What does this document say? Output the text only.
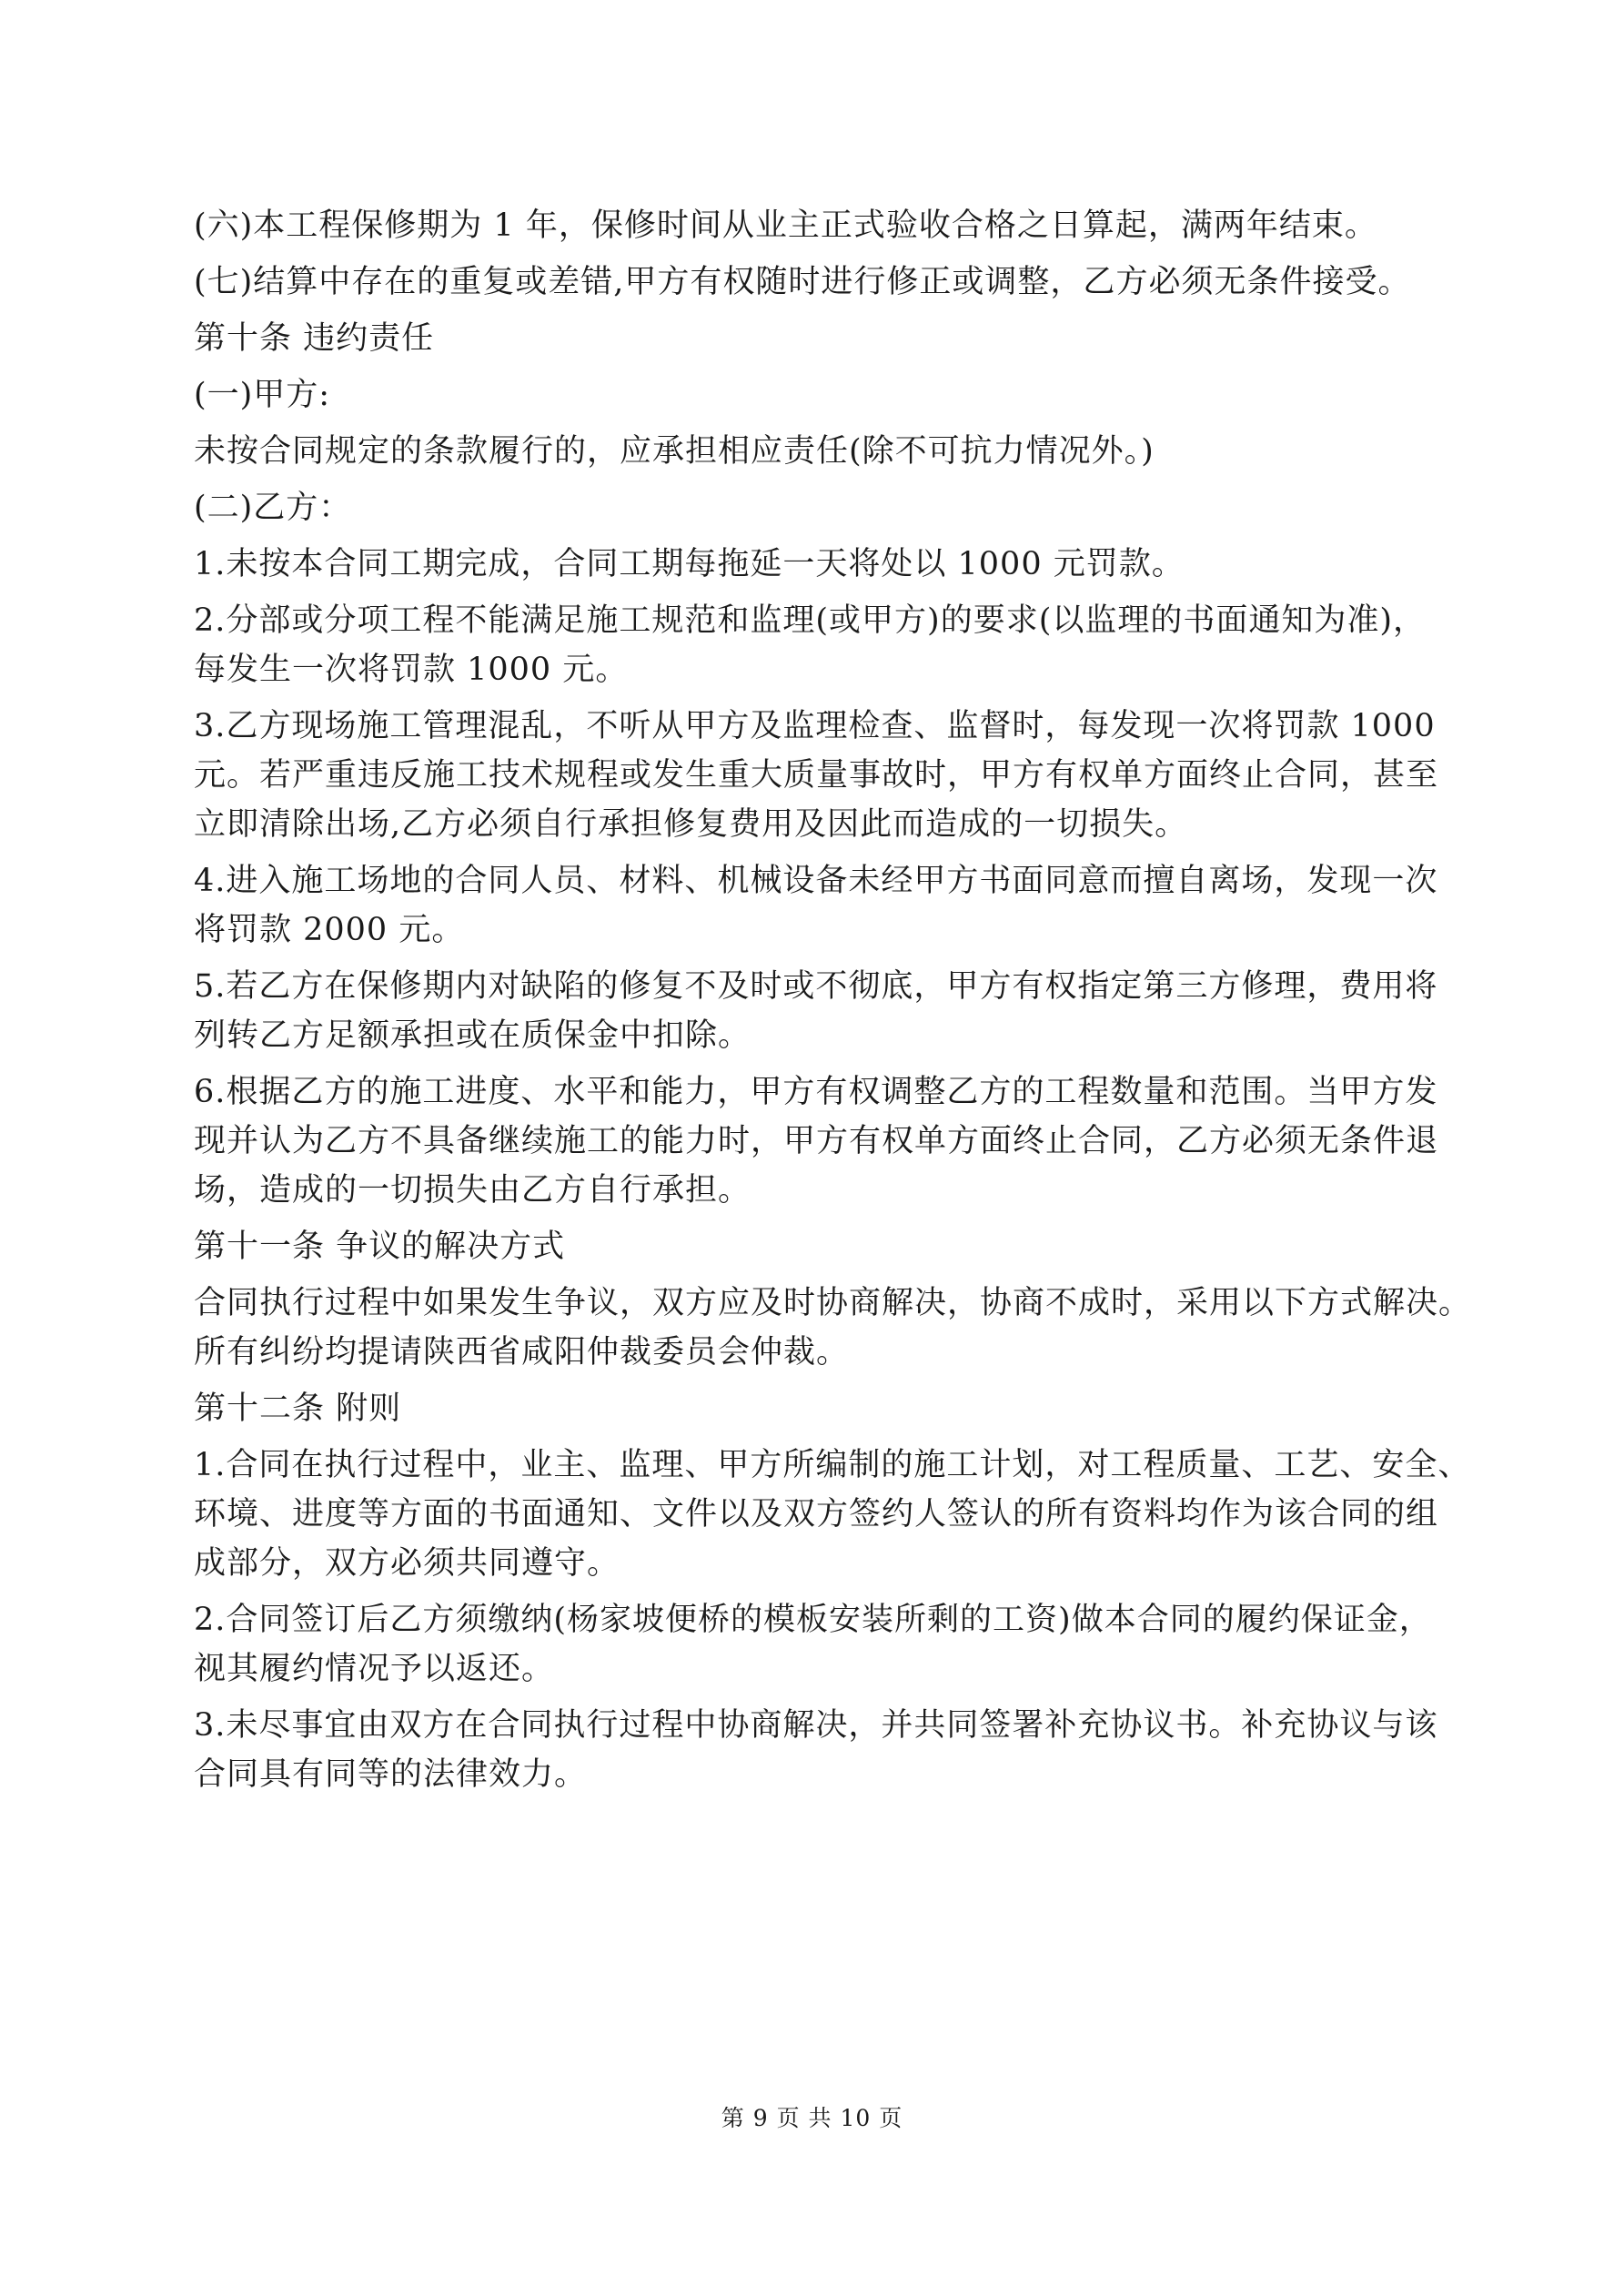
(六)本工程保修期为 1 年，保修时间从业主正式验收合格之日算起，满两年结束。
(七)结算中存在的重复或差错,甲方有权随时进行修正或调整，乙方必须无条件接受。
第十条 违约责任
(一)甲方:
未按合同规定的条款履行的，应承担相应责任(除不可抗力情况外。)
(二)乙方：
1.未按本合同工期完成，合同工期每拖延一天将处以 1000 元罚款。
2.分部或分项工程不能满足施工规范和监理(或甲方)的要求(以监理的书面通知为准)，
每发生一次将罚款 1000 元。
3.乙方现场施工管理混乱，不听从甲方及监理检查、监督时，每发现一次将罚款 1000
元。若严重违反施工技术规程或发生重大质量事故时，甲方有权单方面终止合同，甚至
立即清除出场,乙方必须自行承担修复费用及因此而造成的一切损失。
4.进入施工场地的合同人员、材料、机械设备未经甲方书面同意而擅自离场，发现一次
将罚款 2000 元。
5.若乙方在保修期内对缺陷的修复不及时或不彻底，甲方有权指定第三方修理，费用将
列转乙方足额承担或在质保金中扣除。
6.根据乙方的施工进度、水平和能力，甲方有权调整乙方的工程数量和范围。当甲方发
现并认为乙方不具备继续施工的能力时，甲方有权单方面终止合同，乙方必须无条件退
场，造成的一切损失由乙方自行承担。
第十一条 争议的解决方式
合同执行过程中如果发生争议，双方应及时协商解决，协商不成时，采用以下方式解决。
所有纠纷均提请陕西省咸阳仲裁委员会仲裁。
第十二条 附则
1.合同在执行过程中，业主、监理、甲方所编制的施工计划，对工程质量、工艺、安全、
环境、进度等方面的书面通知、文件以及双方签约人签认的所有资料均作为该合同的组
成部分，双方必须共同遵守。
2.合同签订后乙方须缴纳(杨家坡便桥的模板安装所剩的工资)做本合同的履约保证金，
视其履约情况予以返还。
3.未尽事宜由双方在合同执行过程中协商解决，并共同签署补充协议书。补充协议与该
合同具有同等的法律效力。
第 9 页 共 10 页
